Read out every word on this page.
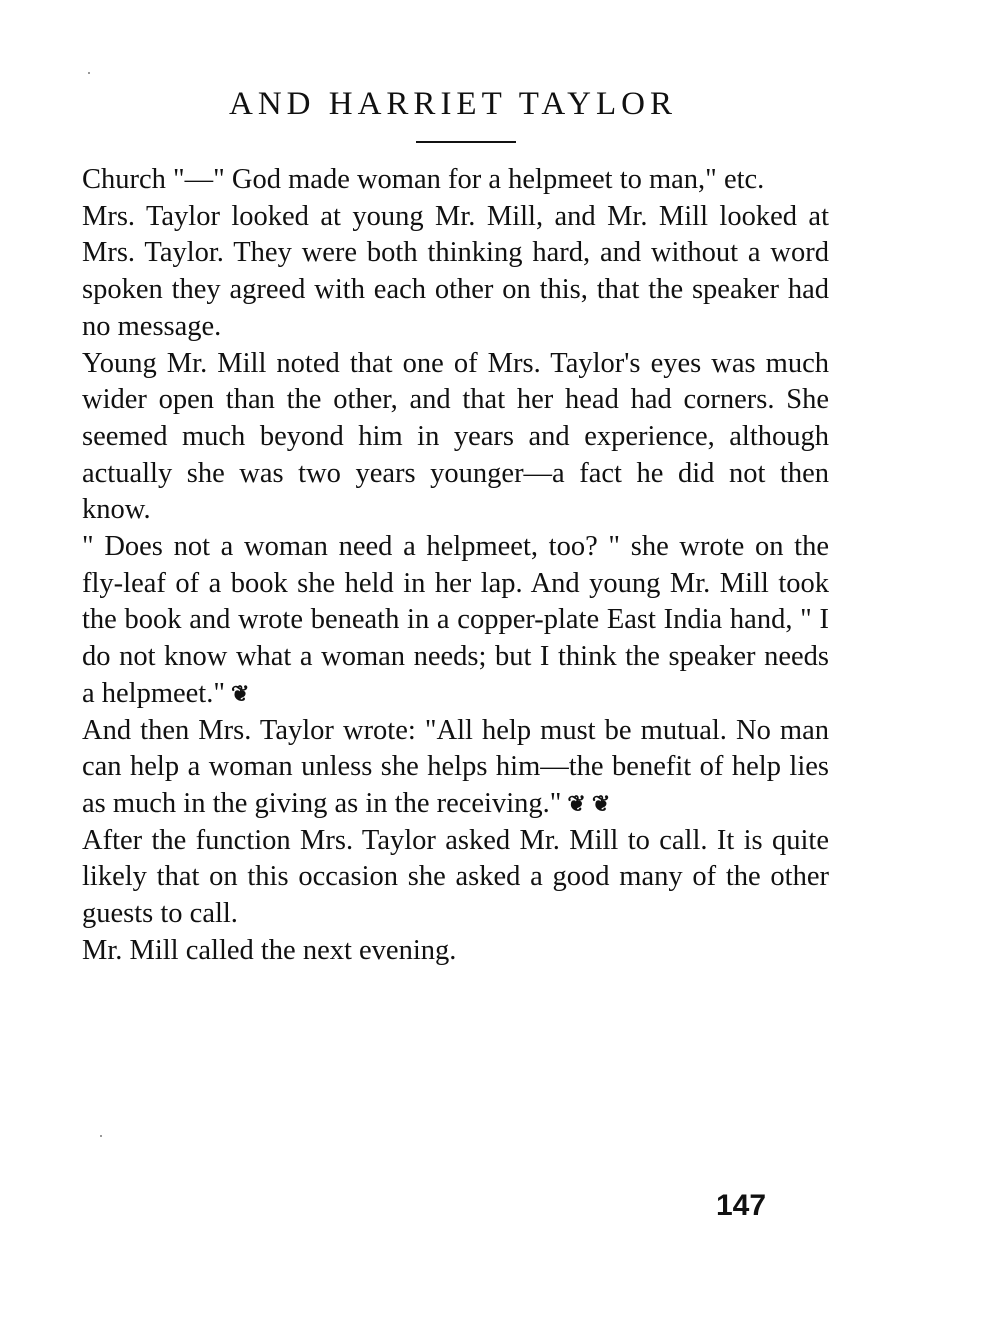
AND HARRIET TAYLOR

Church "—" God made woman for a helpmeet to man," etc.

Mrs. Taylor looked at young Mr. Mill, and Mr. Mill looked at Mrs. Taylor. They were both thinking hard, and without a word spoken they agreed with each other on this, that the speaker had no message.

Young Mr. Mill noted that one of Mrs. Taylor's eyes was much wider open than the other, and that her head had corners. She seemed much beyond him in years and experience, although actually she was two years younger—a fact he did not then know.

" Does not a woman need a helpmeet, too? " she wrote on the fly-leaf of a book she held in her lap. And young Mr. Mill took the book and wrote beneath in a copper-plate East India hand, " I do not know what a woman needs; but I think the speaker needs a helpmeet." ❦

And then Mrs. Taylor wrote: "All help must be mutual. No man can help a woman unless she helps him—the benefit of help lies as much in the giving as in the receiving." ❦ ❦

After the function Mrs. Taylor asked Mr. Mill to call. It is quite likely that on this occasion she asked a good many of the other guests to call.

Mr. Mill called the next evening.

147
